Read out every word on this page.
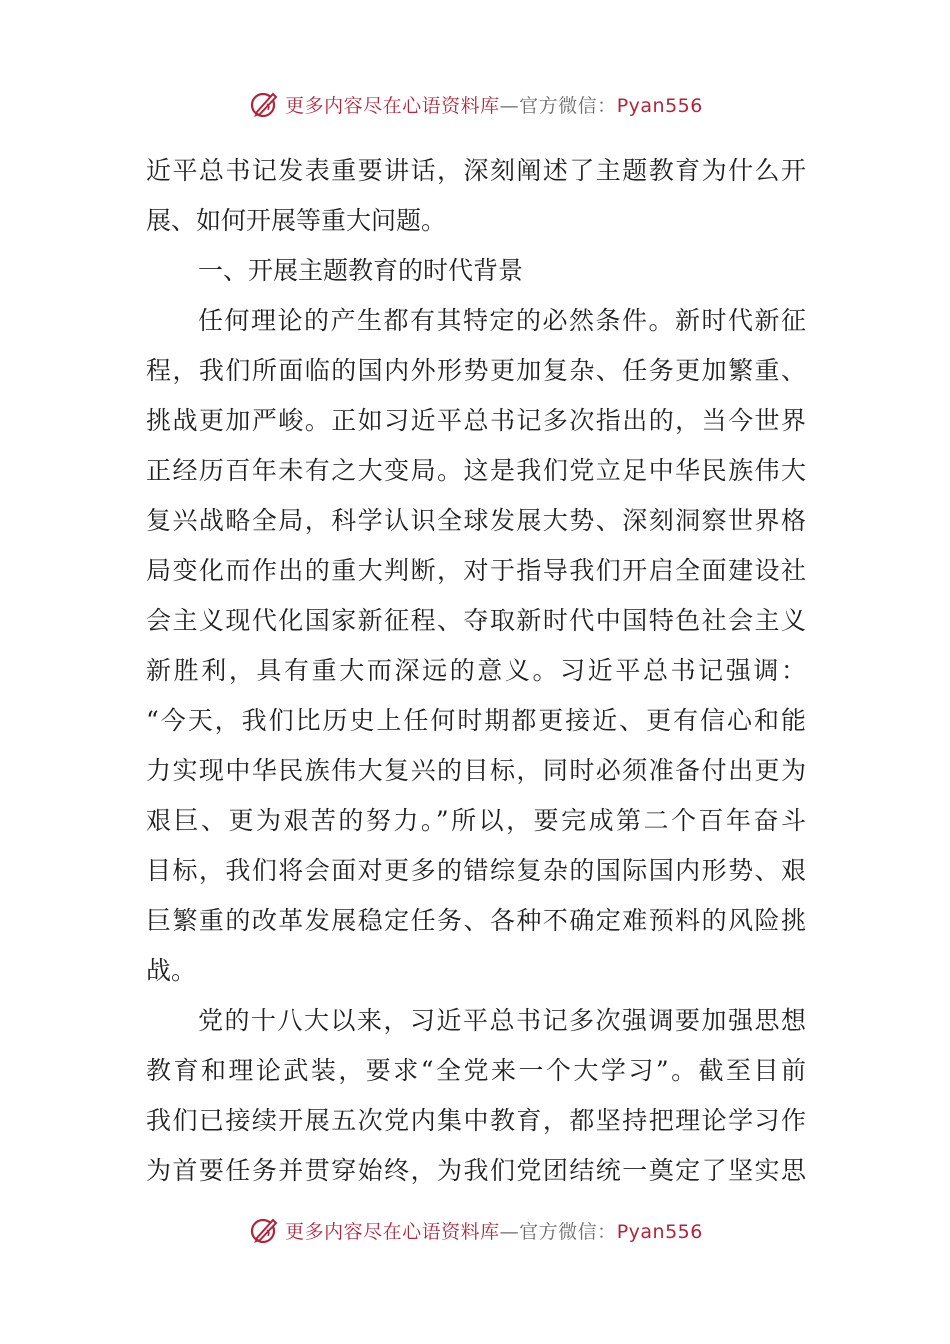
更多内容尽在心语资料库—官方微信：Pyan556
近平总书记发表重要讲话，深刻阐述了主题教育为什么开
展、如何开展等重大问题。
一、开展主题教育的时代背景
任何理论的产生都有其特定的必然条件。新时代新征
程，我们所面临的国内外形势更加复杂、任务更加繁重、
挑战更加严峻。正如习近平总书记多次指出的，当今世界
正经历百年未有之大变局。这是我们党立足中华民族伟大
复兴战略全局，科学认识全球发展大势、深刻洞察世界格
局变化而作出的重大判断，对于指导我们开启全面建设社
会主义现代化国家新征程、夺取新时代中国特色社会主义
新胜利，具有重大而深远的意义。习近平总书记强调：
“今天，我们比历史上任何时期都更接近、更有信心和能
力实现中华民族伟大复兴的目标，同时必须准备付出更为
艰巨、更为艰苦的努力。”所以，要完成第二个百年奋斗
目标，我们将会面对更多的错综复杂的国际国内形势、艰
巨繁重的改革发展稳定任务、各种不确定难预料的风险挑
战。
党的十八大以来，习近平总书记多次强调要加强思想
教育和理论武装，要求“全党来一个大学习”。截至目前
我们已接续开展五次党内集中教育，都坚持把理论学习作
为首要任务并贯穿始终，为我们党团结统一奠定了坚实思
更多内容尽在心语资料库—官方微信：Pyan556
